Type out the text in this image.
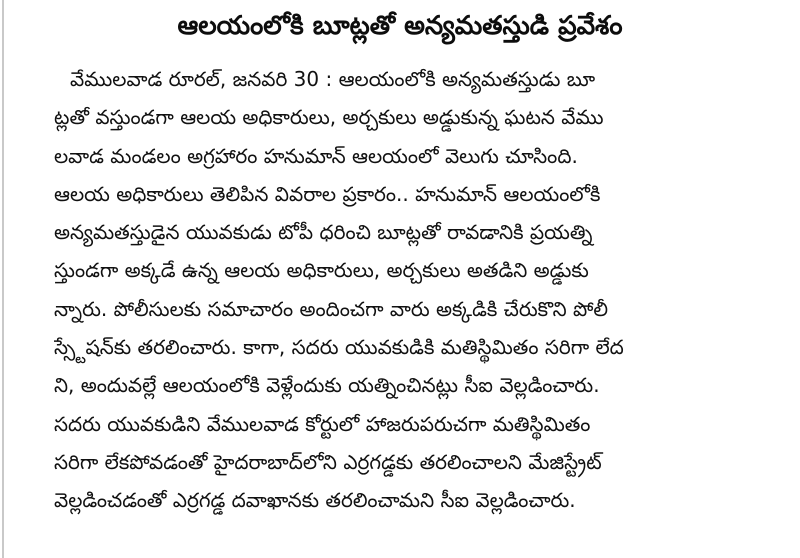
ఆలయంలోకి బూట్లతో అన్యమతస్తుడి ప్రవేశం
వేములవాడ రూరల్, జనవరి 30 : ఆలయంలోకి అన్యమతస్తుడు బూ
ట్లతో వస్తుండగా ఆలయ అధికారులు, అర్చకులు అడ్డుకున్న ఘటన వేము
లవాడ మండలం అగ్రహారం హనుమాన్ ఆలయంలో వెలుగు చూసింది.
ఆలయ అధికారులు తెలిపిన వివరాల ప్రకారం.. హనుమాన్ ఆలయంలోకి
అన్యమతస్తుడైన యువకుడు టోపీ ధరించి బూట్లతో రావడానికి ప్రయత్ని
స్తుండగా అక్కడే ఉన్న ఆలయ అధికారులు, అర్చకులు అతడిని అడ్డుకు
న్నారు. పోలీసులకు సమాచారం అందించగా వారు అక్కడికి చేరుకొని పోలీ
స్స్టేషన్‌కు తరలించారు. కాగా, సదరు యువకుడికి మతిస్థిమితం సరిగా లేద
ని, అందువల్లే ఆలయంలోకి వెళ్లేందుకు యత్నించినట్లు సీఐ వెల్లడించారు.
సదరు యువకుడిని వేములవాడ కోర్టులో హాజరుపరుచగా మతిస్థిమితం
సరిగా లేకపోవడంతో హైదరాబాద్‌లోని ఎర్రగడ్డకు తరలించాలని మేజిస్ట్రేట్
వెల్లడించడంతో ఎర్రగడ్డ దవాఖానకు తరలించామని సీఐ వెల్లడించారు.
